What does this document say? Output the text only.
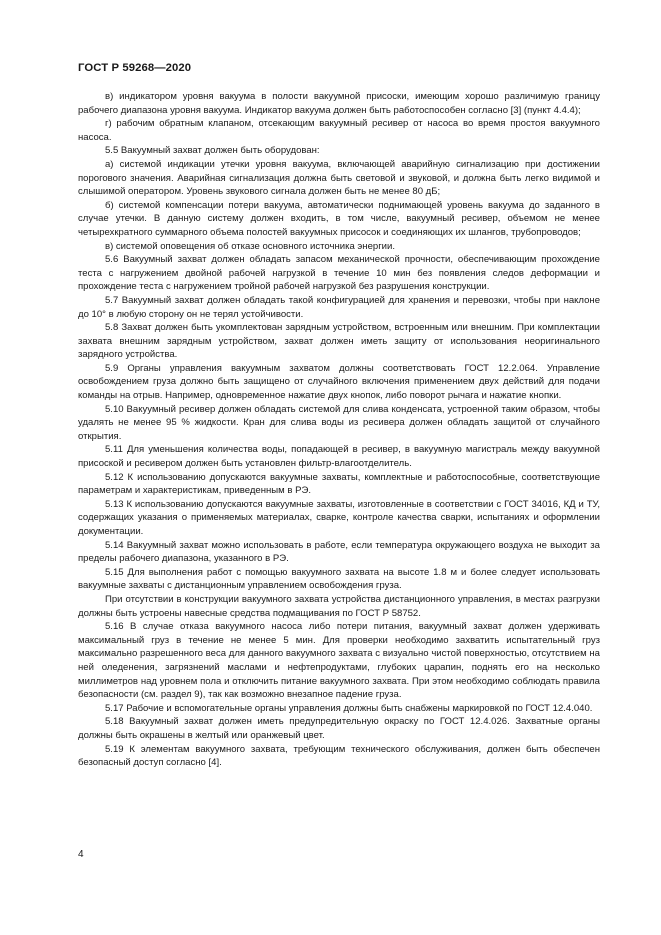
ГОСТ Р 59268—2020

в) индикатором уровня вакуума в полости вакуумной присоски, имеющим хорошо различимую границу рабочего диапазона уровня вакуума. Индикатор вакуума должен быть работоспособен согласно [3] (пункт 4.4.4);

г) рабочим обратным клапаном, отсекающим вакуумный ресивер от насоса во время простоя вакуумного насоса.

5.5 Вакуумный захват должен быть оборудован:

а) системой индикации утечки уровня вакуума, включающей аварийную сигнализацию при достижении порогового значения. Аварийная сигнализация должна быть световой и звуковой, и должна быть легко видимой и слышимой оператором. Уровень звукового сигнала должен быть не менее 80 дБ;

б) системой компенсации потери вакуума, автоматически поднимающей уровень вакуума до заданного в случае утечки. В данную систему должен входить, в том числе, вакуумный ресивер, объемом не менее четырехкратного суммарного объема полостей вакуумных присосок и соединяющих их шлангов, трубопроводов;

в) системой оповещения об отказе основного источника энергии.

5.6 Вакуумный захват должен обладать запасом механической прочности, обеспечивающим прохождение теста с нагружением двойной рабочей нагрузкой в течение 10 мин без появления следов деформации и прохождение теста с нагружением тройной рабочей нагрузкой без разрушения конструкции.

5.7 Вакуумный захват должен обладать такой конфигурацией для хранения и перевозки, чтобы при наклоне до 10° в любую сторону он не терял устойчивости.

5.8 Захват должен быть укомплектован зарядным устройством, встроенным или внешним. При комплектации захвата внешним зарядным устройством, захват должен иметь защиту от использования неоригинального зарядного устройства.

5.9 Органы управления вакуумным захватом должны соответствовать ГОСТ 12.2.064. Управление освобождением груза должно быть защищено от случайного включения применением двух действий для подачи команды на отрыв. Например, одновременное нажатие двух кнопок, либо поворот рычага и нажатие кнопки.

5.10 Вакуумный ресивер должен обладать системой для слива конденсата, устроенной таким образом, чтобы удалять не менее 95 % жидкости. Кран для слива воды из ресивера должен обладать защитой от случайного открытия.

5.11 Для уменьшения количества воды, попадающей в ресивер, в вакуумную магистраль между вакуумной присоской и ресивером должен быть установлен фильтр-влагоотделитель.

5.12 К использованию допускаются вакуумные захваты, комплектные и работоспособные, соответствующие параметрам и характеристикам, приведенным в РЭ.

5.13 К использованию допускаются вакуумные захваты, изготовленные в соответствии с ГОСТ 34016, КД и ТУ, содержащих указания о применяемых материалах, сварке, контроле качества сварки, испытаниях и оформлении документации.

5.14 Вакуумный захват можно использовать в работе, если температура окружающего воздуха не выходит за пределы рабочего диапазона, указанного в РЭ.

5.15 Для выполнения работ с помощью вакуумного захвата на высоте 1.8 м и более следует использовать вакуумные захваты с дистанционным управлением освобождения груза.

При отсутствии в конструкции вакуумного захвата устройства дистанционного управления, в местах разгрузки должны быть устроены навесные средства подмащивания по ГОСТ Р 58752.

5.16 В случае отказа вакуумного насоса либо потери питания, вакуумный захват должен удерживать максимальный груз в течение не менее 5 мин. Для проверки необходимо захватить испытательный груз максимально разрешенного веса для данного вакуумного захвата с визуально чистой поверхностью, отсутствием на ней оледенения, загрязнений маслами и нефтепродуктами, глубоких царапин, поднять его на несколько миллиметров над уровнем пола и отключить питание вакуумного захвата. При этом необходимо соблюдать правила безопасности (см. раздел 9), так как возможно внезапное падение груза.

5.17 Рабочие и вспомогательные органы управления должны быть снабжены маркировкой по ГОСТ 12.4.040.

5.18 Вакуумный захват должен иметь предупредительную окраску по ГОСТ 12.4.026. Захватные органы должны быть окрашены в желтый или оранжевый цвет.

5.19 К элементам вакуумного захвата, требующим технического обслуживания, должен быть обеспечен безопасный доступ согласно [4].

4
